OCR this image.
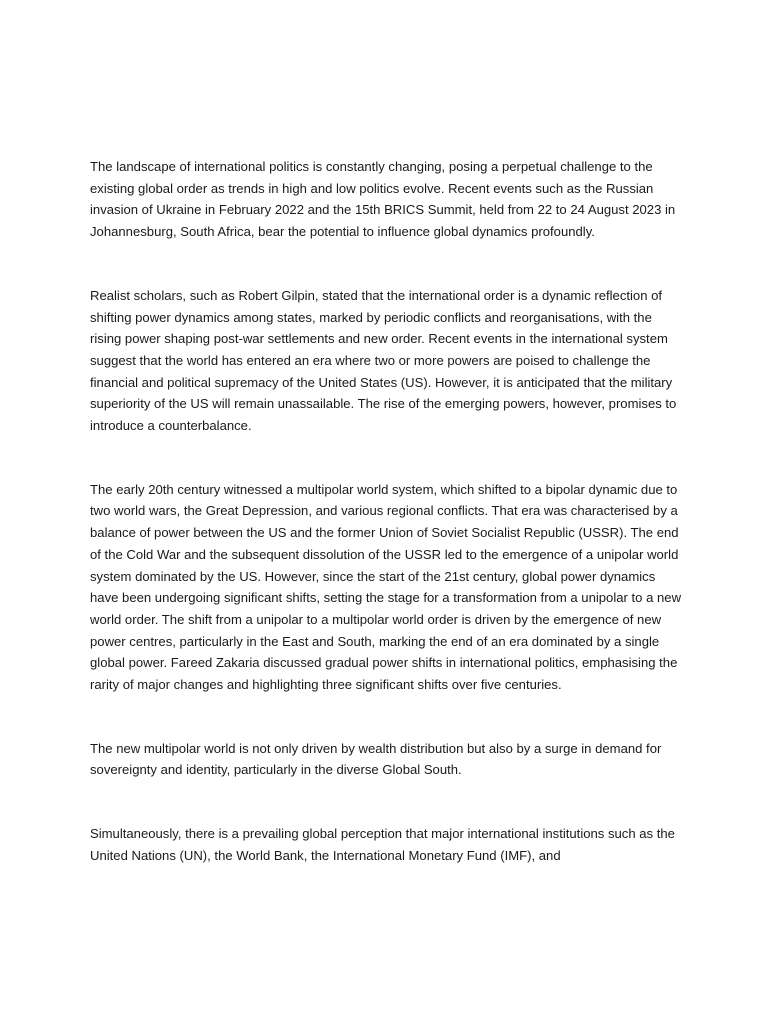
The landscape of international politics is constantly changing, posing a perpetual challenge to the existing global order as trends in high and low politics evolve. Recent events such as the Russian invasion of Ukraine in February 2022 and the 15th BRICS Summit, held from 22 to 24 August 2023 in Johannesburg, South Africa, bear the potential to influence global dynamics profoundly.

Realist scholars, such as Robert Gilpin, stated that the international order is a dynamic reflection of shifting power dynamics among states, marked by periodic conflicts and reorganisations, with the rising power shaping post-war settlements and new order. Recent events in the international system suggest that the world has entered an era where two or more powers are poised to challenge the financial and political supremacy of the United States (US). However, it is anticipated that the military superiority of the US will remain unassailable. The rise of the emerging powers, however, promises to introduce a counterbalance.

The early 20th century witnessed a multipolar world system, which shifted to a bipolar dynamic due to two world wars, the Great Depression, and various regional conflicts. That era was characterised by a balance of power between the US and the former Union of Soviet Socialist Republic (USSR). The end of the Cold War and the subsequent dissolution of the USSR led to the emergence of a unipolar world system dominated by the US. However, since the start of the 21st century, global power dynamics have been undergoing significant shifts, setting the stage for a transformation from a unipolar to a new world order. The shift from a unipolar to a multipolar world order is driven by the emergence of new power centres, particularly in the East and South, marking the end of an era dominated by a single global power. Fareed Zakaria discussed gradual power shifts in international politics, emphasising the rarity of major changes and highlighting three significant shifts over five centuries.

The new multipolar world is not only driven by wealth distribution but also by a surge in demand for sovereignty and identity, particularly in the diverse Global South.

Simultaneously, there is a prevailing global perception that major international institutions such as the United Nations (UN), the World Bank, the International Monetary Fund (IMF), and
